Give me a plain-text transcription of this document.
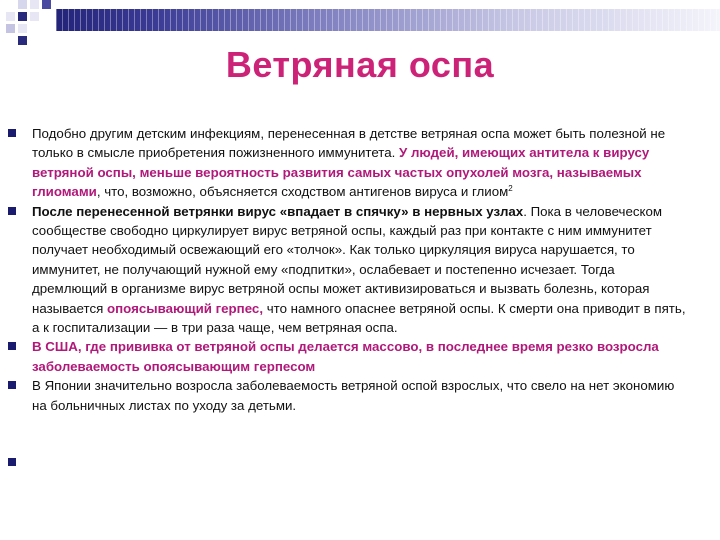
Ветряная оспа
Подобно другим детским инфекциям, перенесенная в детстве ветряная оспа может быть полезной не только в смысле приобретения пожизненного иммунитета. У людей, имеющих антитела к вирусу ветряной оспы, меньше вероятность развития самых частых опухолей мозга, называемых глиомами, что, возможно, объясняется сходством антигенов вируса и глиом$^2$
После перенесенной ветрянки вирус «впадает в спячку» в нервных узлах. Пока в человеческом сообществе свободно циркулирует вирус ветряной оспы, каждый раз при контакте с ним иммунитет получает необходимый освежающий его «толчок». Как только циркуляция вируса нарушается, то иммунитет, не получающий нужной ему «подпитки», ослабевает и постепенно исчезает. Тогда дремлющий в организме вирус ветряной оспы может активизироваться и вызвать болезнь, которая называется опоясывающий герпес, что намного опаснее ветряной оспы. К смерти она приводит в пять, а к госпитализации — в три раза чаще, чем ветряная оспа.
В США, где прививка от ветряной оспы делается массово, в последнее время резко возросла заболеваемость опоясывающим герпесом
В Японии значительно возросла заболеваемость ветряной оспой взрослых, что свело на нет экономию на больничных листах по уходу за детьми.
